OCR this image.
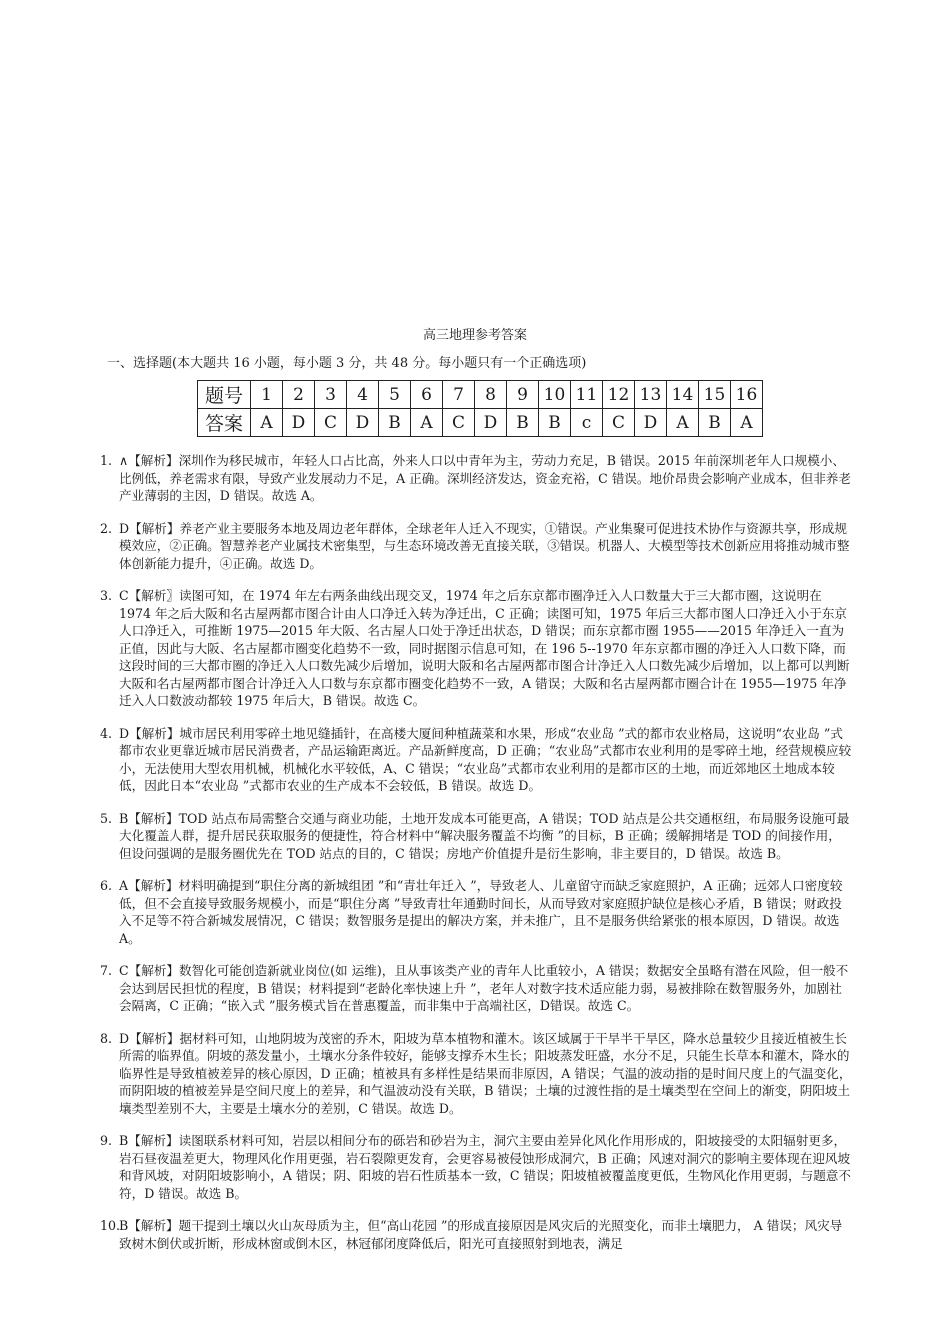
高三地理参考答案
一、选择题(本大题共 16 小题，每小题 3 分，共 48 分。每小题只有一个正确选项)
题号	1	2	3	4	5	6	7	8	9	10	11	12	13	14	15	16
答案	A	D	C	D	B	A	C	D	B	B	c	C	D	A	B	A
1. ∧【解析】深圳作为移民城市，年轻人口占比高，外来人口以中青年为主，劳动力充足，B 错误。2015 年前深圳老年人口规模小、比例低，养老需求有限，导致产业发展动力不足，A 正确。深圳经济发达，资金充裕，C 错误。地价昂贵会影响产业成本，但非养老产业薄弱的主因，D 错误。故选 A。
2. D【解析】养老产业主要服务本地及周边老年群体，全球老年人迁入不现实，①错误。产业集聚可促进技术协作与资源共享，形成规模效应，②正确。智慧养老产业属技术密集型，与生态环境改善无直接关联，③错误。机器人、大模型等技术创新应用将推动城市整体创新能力提升，④正确。故选 D。
3. C【解析〗读图可知，在 1974 年左右两条曲线出现交叉，1974 年之后东京都市圈净迁入人口数量大于三大都市圈，这说明在 1974 年之后大阪和名古屋两都市图合计由人口净迁入转为净迁出，C 正确；读图可知，1975 年后三大都市图人口净迁入小于东京人口净迁入，可推断 1975—2015 年大阪、名古屋人口处于净迁出状态，D 错误；而东京都市圈 1955——2015 年净迁入一直为正值，因此与大阪、名古屋都市圈变化趋势不一致，同时据图示信息可知，在 196 5--1970 年东京都市圈的净迁入人口数下降，而这段时间的三大都市圈的净迁入人口数先减少后增加，说明大阪和名古屋两都市图合计净迁入人口数先减少后增加，以上都可以判断大阪和名古屋两都市图合计净迁入人口数与东京都市圈变化趋势不一致，A 错误；大阪和名古屋两都市圈合计在 1955—1975 年净迁入人口数波动都较 1975 年后大，B 错误。故选 C。
4. D【解析】城市居民利用零碎土地见缝插针，在高楼大厦间种植蔬菜和水果，形成“农业岛 ”式的都市农业格局，这说明“农业岛 ”式都市农业更靠近城市居民消费者，产品运输距离近。产品新鲜度高，D 正确；“农业岛”式都市农业利用的是零碎土地，经营规模应较小，无法使用大型农用机械，机械化水平较低，A、C 错误；“农业岛”式都市农业利用的是都市区的土地，而近郊地区土地成本较低，因此日本“农业岛 ”式都市农业的生产成本不会较低，B 错误。故选 D。
5. B【解析】TOD 站点布局需整合交通与商业功能，土地开发成本可能更高，A 错误；TOD 站点是公共交通枢纽，布局服务设施可最大化覆盖人群，提升居民获取服务的便捷性，符合材料中“解决服务覆盖不均衡 ”的目标，B 正确；缓解拥堵是 TOD 的间接作用，但设问强调的是服务圈优先在 TOD 站点的目的，C 错误；房地产价值提升是衍生影响，非主要目的，D 错误。故选 B。
6. A【解析】材料明确提到“职住分离的新城组团 ”和“青壮年迁入 ”，导致老人、儿童留守而缺乏家庭照护，A 正确；远郊人口密度较低，但不会直接导致服务规模小，而是“职住分离 ”导致青壮年通勤时间长，从而导致对家庭照护缺位是核心矛盾，B 错误；财政投入不足等不符合新城发展情况，C 错误；数智服务是提出的解决方案，并未推广，且不是服务供给紧张的根本原因，D 错误。故选 A。
7. C【解析】数智化可能创造新就业岗位(如 运维)，且从事该类产业的青年人比重较小，A 错误；数据安全虽略有潜在风险，但一般不会达到居民担忧的程度，B 错误；材料提到“老龄化率快速上升 ”，老年人对数字技术适应能力弱，易被排除在数智服务外，加剧社会隔离，C 正确；“嵌入式 ”服务模式旨在普惠覆盖，而非集中于高端社区，D错误。故选 C。
8. D【解析】据材料可知，山地阴坡为茂密的乔木，阳坡为草本植物和灌木。该区域属于干旱半干旱区，降水总量较少且接近植被生长所需的临界值。阴坡的蒸发量小，土壤水分条件较好，能够支撑乔木生长；阳坡蒸发旺盛，水分不足，只能生长草本和灌木，降水的临界性是导致植被差异的核心原因，D 正确；植被具有多样性是结果而非原因，A 错误；气温的波动指的是时间尺度上的气温变化，而阴阳坡的植被差异是空间尺度上的差异，和气温波动没有关联，B 错误；土壤的过渡性指的是土壤类型在空间上的渐变，阴阳坡土壤类型差别不大，主要是土壤水分的差别，C 错误。故选 D。
9. B【解析】读图联系材料可知，岩层以相间分布的砾岩和砂岩为主，洞穴主要由差异化风化作用形成的，阳坡接受的太阳辐射更多，岩石昼夜温差更大，物理风化作用更强，岩石裂隙更发育，会更容易被侵蚀形成洞穴，B 正确；风速对洞穴的影响主要体现在迎风坡和背风坡，对阴阳坡影响小，A 错误；阴、阳坡的岩石性质基本一致，C 错误；阳坡植被覆盖度更低，生物风化作用更弱，与题意不符，D 错误。故选 B。
10.B【解析】题干提到土壤以火山灰母质为主，但“高山花园 ”的形成直接原因是风灾后的光照变化，而非土壤肥力， A 错误；风灾导致树木倒伏或折断，形成林窗或倒木区，林冠郁闭度降低后，阳光可直接照射到地表，满足
